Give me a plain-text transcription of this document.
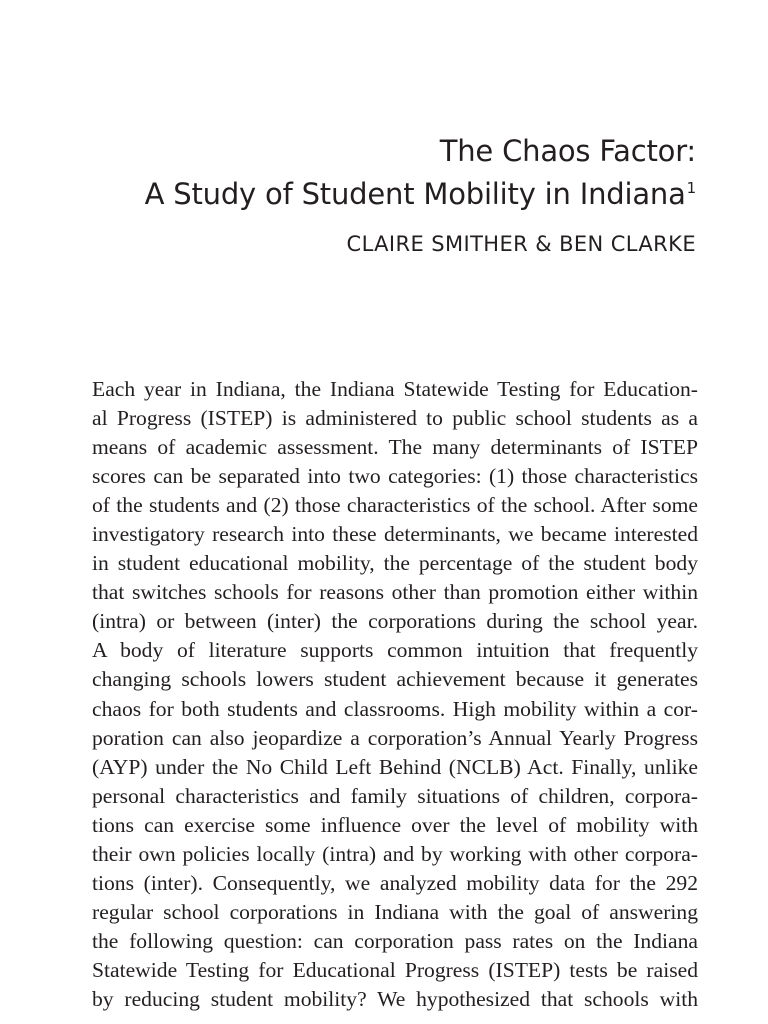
The Chaos Factor:
A Study of Student Mobility in Indiana$^1$
CLAIRE SMITHER & BEN CLARKE
Each year in Indiana, the Indiana Statewide Testing for Education-
al Progress (ISTEP) is administered to public school students as a
means of academic assessment. The many determinants of ISTEP
scores can be separated into two categories: (1) those characteristics
of the students and (2) those characteristics of the school. After some
investigatory research into these determinants, we became interested
in student educational mobility, the percentage of the student body
that switches schools for reasons other than promotion either within
(intra) or between (inter) the corporations during the school year.
A body of literature supports common intuition that frequently
changing schools lowers student achievement because it generates
chaos for both students and classrooms. High mobility within a cor-
poration can also jeopardize a corporation’s Annual Yearly Progress
(AYP) under the No Child Left Behind (NCLB) Act. Finally, unlike
personal characteristics and family situations of children, corpora-
tions can exercise some influence over the level of mobility with
their own policies locally (intra) and by working with other corpora-
tions (inter). Consequently, we analyzed mobility data for the 292
regular school corporations in Indiana with the goal of answering
the following question: can corporation pass rates on the Indiana
Statewide Testing for Educational Progress (ISTEP) tests be raised
by reducing student mobility? We hypothesized that schools with
